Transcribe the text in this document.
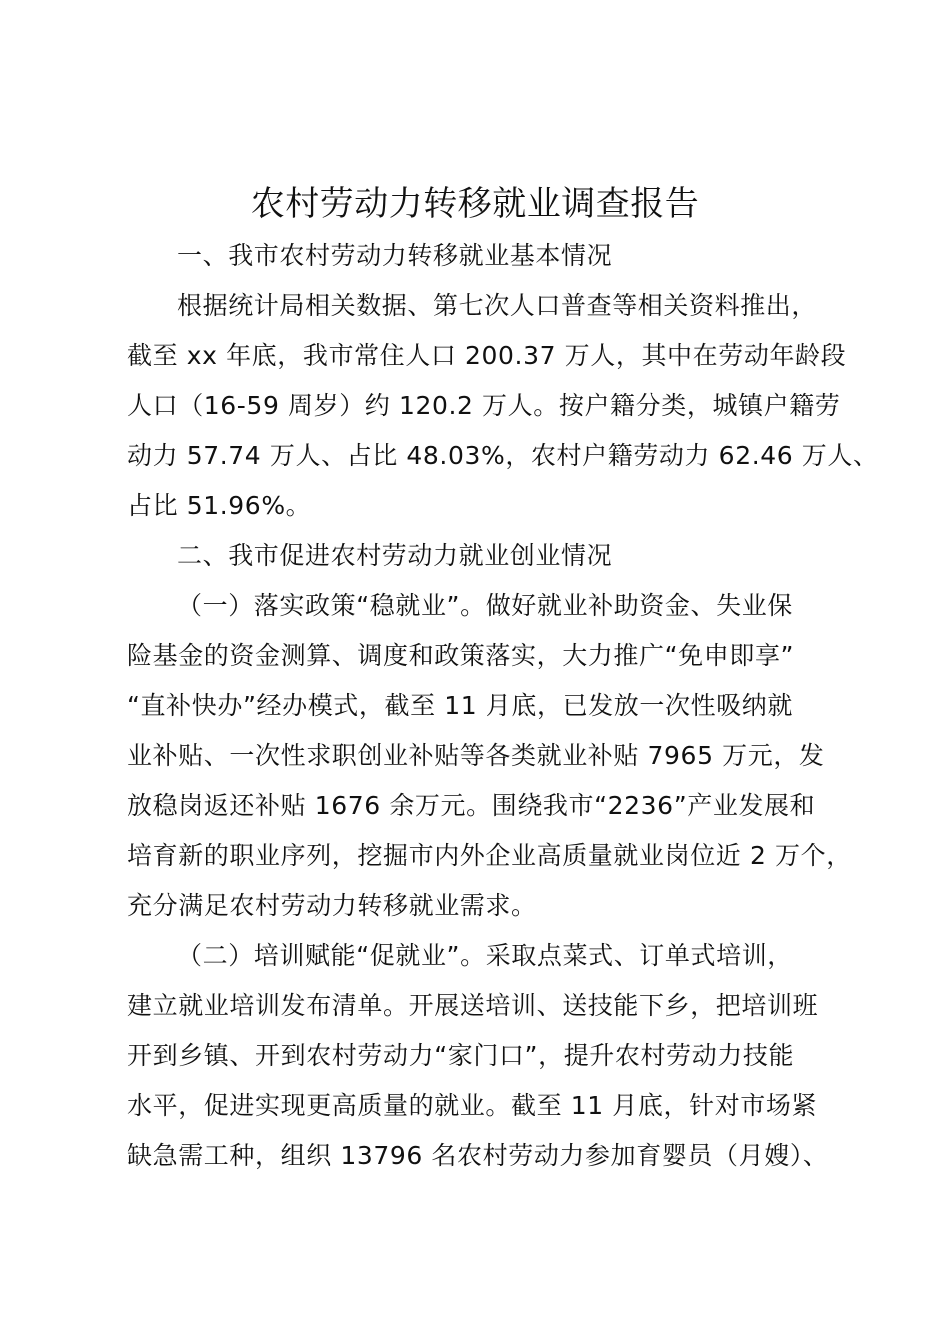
农村劳动力转移就业调查报告
一、我市农村劳动力转移就业基本情况
根据统计局相关数据、第七次人口普查等相关资料推出，
截至 xx 年底，我市常住人口 200.37 万人，其中在劳动年龄段
人口（16-59 周岁）约 120.2 万人。按户籍分类，城镇户籍劳
动力 57.74 万人、占比 48.03%，农村户籍劳动力 62.46 万人、
占比 51.96%。
二、我市促进农村劳动力就业创业情况
（一）落实政策“稳就业”。做好就业补助资金、失业保
险基金的资金测算、调度和政策落实，大力推广“免申即享”
“直补快办”经办模式，截至 11 月底，已发放一次性吸纳就
业补贴、一次性求职创业补贴等各类就业补贴 7965 万元，发
放稳岗返还补贴 1676 余万元。围绕我市“2236”产业发展和
培育新的职业序列，挖掘市内外企业高质量就业岗位近 2 万个，
充分满足农村劳动力转移就业需求。
（二）培训赋能“促就业”。采取点菜式、订单式培训，
建立就业培训发布清单。开展送培训、送技能下乡，把培训班
开到乡镇、开到农村劳动力“家门口”，提升农村劳动力技能
水平，促进实现更高质量的就业。截至 11 月底，针对市场紧
缺急需工种，组织 13796 名农村劳动力参加育婴员（月嫂）、
